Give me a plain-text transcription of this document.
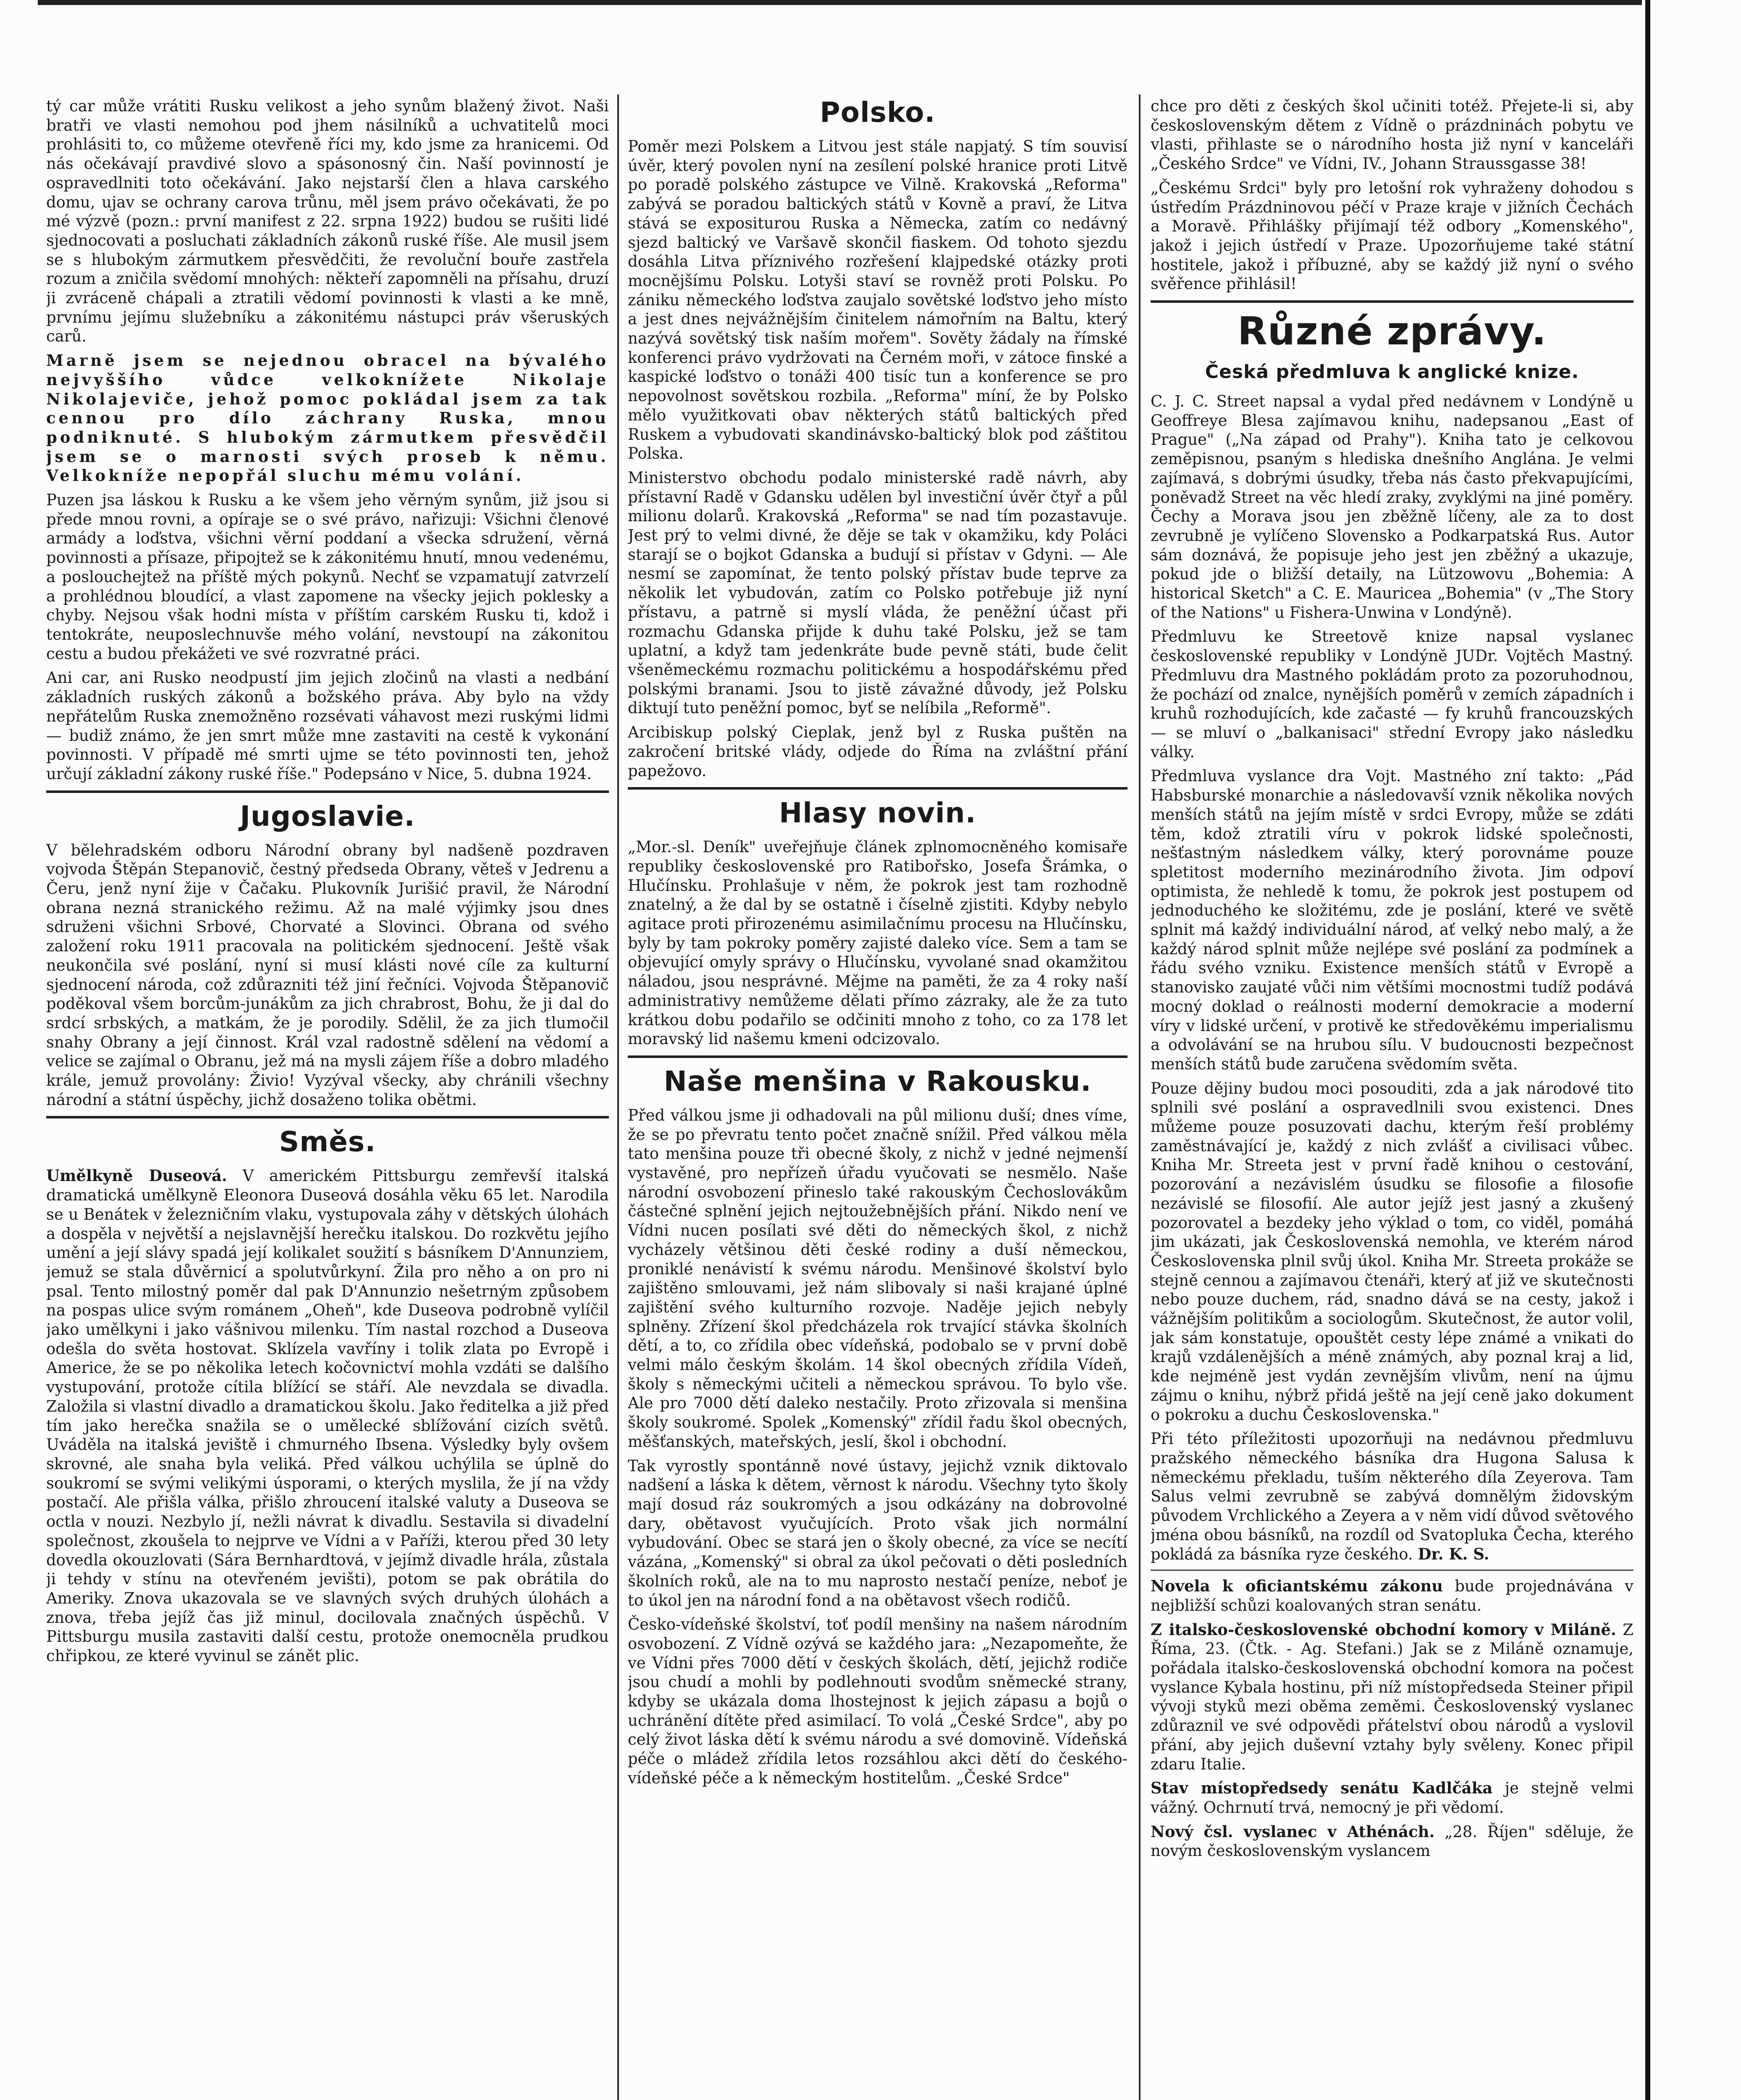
tý car může vrátiti Rusku velikost a jeho synům blažený život. Naši bratři ve vlasti nemohou pod jhem násilníků a uchvatitelů moci prohlásiti to, co můžeme otevřeně říci my, kdo jsme za hranicemi. Od nás očekávají pravdivé slovo a spásonosný čin. Naší povinností je ospravedlniti toto očekávání. Jako nejstarší člen a hlava carského domu, ujav se ochrany carova trůnu, měl jsem právo očekávati, že po mé výzvě (pozn.: první manifest z 22. srpna 1922) budou se rušiti lidé sjednocovati a posluchati základních zákonů ruské říše. Ale musil jsem se s hlubokým zármutkem přesvědčiti, že revoluční bouře zastřela rozum a zničila svědomí mnohých: někteří zapomněli na přísahu, druzí ji zvráceně chápali a ztratili vědomí povinnosti k vlasti a ke mně, prvnímu jejímu služebníku a zákonitému nástupci práv všeruských carů.

Marně jsem se nejednou obracel na bývalého nejvyššího vůdce velkoknížete Nikolaje Nikolajeviče, jehož pomoc pokládal jsem za tak cennou pro dílo záchrany Ruska, mnou podniknuté. S hlubokým zármutkem přesvědčil jsem se o marnosti svých proseb k němu. Velkokníže nepopřál sluchu mému volání.

Puzen jsa láskou k Rusku a ke všem jeho věrným synům, již jsou si přede mnou rovni, a opíraje se o své právo, nařizuji: Všichni členové armády a loďstva, všichni věrní poddaní a všecka sdružení, věrná povinnosti a přísaze, připojtež se k zákonitému hnutí, mnou vedenému, a poslouchejtež na příště mých pokynů. Nechť se vzpamatují zatvrzelí a prohlédnou bloudící, a vlast zapomene na všecky jejich poklesky a chyby. Nejsou však hodni místa v příštím carském Rusku ti, kdož i tentokráte, neuposlechnuvše mého volání, nevstoupí na zákonitou cestu a budou překážeti ve své rozvratné práci.

Ani car, ani Rusko neodpustí jim jejich zločinů na vlasti a nedbání základních ruských zákonů a božského práva. Aby bylo na vždy nepřátelům Ruska znemožněno rozsévati váhavost mezi ruskými lidmi — budiž známo, že jen smrt může mne zastaviti na cestě k vykonání povinnosti. V případě mé smrti ujme se této povinnosti ten, jehož určují základní zákony ruské říše." Podepsáno v Nice, 5. dubna 1924.

Jugoslavie.

V bělehradském odboru Národní obrany byl nadšeně pozdraven vojvoda Štěpán Stepanovič, čestný předseda Obrany, věteš v Jedrenu a Čeru, jenž nyní žije v Čačaku. Plukovník Jurišić pravil, že Národní obrana nezná stranického režimu. Až na malé výjimky jsou dnes sdruženi všichni Srbové, Chorvaté a Slovinci. Obrana od svého založení roku 1911 pracovala na politickém sjednocení. Ještě však neukončila své poslání, nyní si musí klásti nové cíle za kulturní sjednocení národa, což zdůrazniti též jiní řečníci. Vojvoda Štěpanovič poděkoval všem borcům-junákům za jich chrabrost, Bohu, že ji dal do srdcí srbských, a matkám, že je porodily. Sdělil, že za jich tlumočil snahy Obrany a její činnost. Král vzal radostně sdělení na vědomí a velice se zajímal o Obranu, jež má na mysli zájem říše a dobro mladého krále, jemuž provolány: Živio! Vyzýval všecky, aby chránili všechny národní a státní úspěchy, jichž dosaženo tolika obětmi.

Směs.

Umělkyně Duseová. V americkém Pittsburgu zemřevší italská dramatická umělkyně Eleonora Duseová dosáhla věku 65 let. Narodila se u Benátek v železničním vlaku, vystupovala záhy v dětských úlohách a dospěla v největší a nejslavnější herečku italskou. Do rozkvětu jejího umění a její slávy spadá její kolikalet soužití s básníkem D'Annunziem, jemuž se stala důvěrnicí a spolutvůrkyní. Žila pro něho a on pro ni psal. Tento milostný poměr dal pak D'Annunzio nešetrným způsobem na pospas ulice svým románem „Oheň", kde Duseova podrobně vylíčil jako umělkyni i jako vášnivou milenku. Tím nastal rozchod a Duseova odešla do světa hostovat. Sklízela vavříny i tolik zlata po Evropě i Americe, že se po několika letech kočovnictví mohla vzdáti se dalšího vystupování, protože cítila blížící se stáří. Ale nevzdala se divadla. Založila si vlastní divadlo a dramatickou školu. Jako ředitelka a již před tím jako herečka snažila se o umělecké sblížování cizích světů. Uváděla na italská jeviště i chmurného Ibsena. Výsledky byly ovšem skrovné, ale snaha byla veliká. Před válkou uchýlila se úplně do soukromí se svými velikými úsporami, o kterých myslila, že jí na vždy postačí. Ale přišla válka, přišlo zhroucení italské valuty a Duseova se octla v nouzi. Nezbylo jí, nežli návrat k divadlu. Sestavila si divadelní společnost, zkoušela to nejprve ve Vídni a v Paříži, kterou před 30 lety dovedla okouzlovati (Sára Bernhardtová, v jejímž divadle hrála, zůstala ji tehdy v stínu na otevřeném jevišti), potom se pak obrátila do Ameriky. Znova ukazovala se ve slavných svých druhých úlohách a znova, třeba jejíž čas již minul, docilovala značných úspěchů. V Pittsburgu musila zastaviti další cestu, protože onemocněla prudkou chřipkou, ze které vyvinul se zánět plic.

Polsko.

Poměr mezi Polskem a Litvou jest stále napjatý. S tím souvisí úvěr, který povolen nyní na zesílení polské hranice proti Litvě po poradě polského zástupce ve Vilně. Krakovská „Reforma" zabývá se poradou baltických států v Kovně a praví, že Litva stává se expositurou Ruska a Německa, zatím co nedávný sjezd baltický ve Varšavě skončil fiaskem. Od tohoto sjezdu dosáhla Litva příznivého rozřešení klajpedské otázky proti mocnějšímu Polsku. Lotyši staví se rovněž proti Polsku. Po zániku německého loďstva zaujalo sovětské loďstvo jeho místo a jest dnes nejvážnějším činitelem námořním na Baltu, který nazývá sovětský tisk naším mořem". Sověty žádaly na římské konferenci právo vydržovati na Černém moři, v zátoce finské a kaspické loďstvo o tonáži 400 tisíc tun a konference se pro nepovolnost sovětskou rozbila. „Reforma" míní, že by Polsko mělo využitkovati obav některých států baltických před Ruskem a vybudovati skandinávsko-baltický blok pod záštitou Polska.

Ministerstvo obchodu podalo ministerské radě návrh, aby přístavní Radě v Gdansku udělen byl investiční úvěr čtyř a půl milionu dolarů. Krakovská „Reforma" se nad tím pozastavuje. Jest prý to velmi divné, že děje se tak v okamžiku, kdy Poláci starají se o bojkot Gdanska a budují si přístav v Gdyni. — Ale nesmí se zapomínat, že tento polský přístav bude teprve za několik let vybudován, zatím co Polsko potřebuje již nyní přístavu, a patrně si myslí vláda, že peněžní účast při rozmachu Gdanska přijde k duhu také Polsku, jež se tam uplatní, a když tam jedenkráte bude pevně státi, bude čelit všeněmeckému rozmachu politickému a hospodářskému před polskými branami. Jsou to jistě závažné důvody, jež Polsku diktují tuto peněžní pomoc, byť se nelíbila „Reformě".

Arcibiskup polský Cieplak, jenž byl z Ruska puštěn na zakročení britské vlády, odjede do Říma na zvláštní přání papežovo.

Hlasy novin.

„Mor.-sl. Deník" uveřejňuje článek zplnomocněného komisaře republiky československé pro Ratibořsko, Josefa Šrámka, o Hlučínsku. Prohlašuje v něm, že pokrok jest tam rozhodně znatelný, a že dal by se ostatně i číselně zjistiti. Kdyby nebylo agitace proti přirozenému asimilačnímu procesu na Hlučínsku, byly by tam pokroky poměry zajisté daleko více. Sem a tam se objevující omyly správy o Hlučínsku, vyvolané snad okamžitou náladou, jsou nesprávné. Mějme na paměti, že za 4 roky naší administrativy nemůžeme dělati přímo zázraky, ale že za tuto krátkou dobu podařilo se odčiniti mnoho z toho, co za 178 let moravský lid našemu kmeni odcizovalo.

Naše menšina v Rakousku.

Před válkou jsme ji odhadovali na půl milionu duší; dnes víme, že se po převratu tento počet značně snížil. Před válkou měla tato menšina pouze tři obecné školy, z nichž v jedné nejmenší vystavěné, pro nepřízeň úřadu vyučovati se nesmělo. Naše národní osvobození přineslo také rakouským Čechoslovákům částečné splnění jejich nejtoužebnějších přání. Nikdo není ve Vídni nucen posílati své děti do německých škol, z nichž vycházely většinou děti české rodiny a duší německou, proniklé nenávistí k svému národu. Menšinové školství bylo zajištěno smlouvami, jež nám slibovaly si naši krajané úplné zajištění svého kulturního rozvoje. Naděje jejich nebyly splněny. Zřízení škol předcházela rok trvající stávka školních dětí, a to, co zřídila obec vídeňská, podobalo se v první době velmi málo českým školám. 14 škol obecných zřídila Vídeň, školy s německými učiteli a německou správou. To bylo vše. Ale pro 7000 dětí daleko nestačily. Proto zřizovala si menšina školy soukromé. Spolek „Komenský" zřídil řadu škol obecných, měšťanských, mateřských, jeslí, škol i obchodní.

Tak vyrostly spontánně nové ústavy, jejichž vznik diktovalo nadšení a láska k dětem, věrnost k národu. Všechny tyto školy mají dosud ráz soukromých a jsou odkázány na dobrovolné dary, obětavost vyučujících. Proto však jich normální vybudování. Obec se stará jen o školy obecné, za více se necítí vázána, „Komenský" si obral za úkol pečovati o děti posledních školních roků, ale na to mu naprosto nestačí peníze, neboť je to úkol jen na národní fond a na obětavost všech rodičů.

Česko-vídeňské školství, toť podíl menšiny na našem národním osvobození. Z Vídně ozývá se každého jara: „Nezapomeňte, že ve Vídni přes 7000 dětí v českých školách, dětí, jejichž rodiče jsou chudí a mohli by podlehnouti svodům sněmecké strany, kdyby se ukázala doma lhostejnost k jejich zápasu a bojů o uchránění dítěte před asimilací. To volá „České Srdce", aby po celý život láska dětí k svému národu a své domovině. Vídeňská péče o mládež zřídila letos rozsáhlou akci dětí do českého-vídeňské péče a k německým hostitelům. „České Srdce"

chce pro děti z českých škol učiniti totéž. Přejete-li si, aby československým dětem z Vídně o prázdninách pobytu ve vlasti, přihlaste se o národního hosta již nyní v kanceláři „Českého Srdce" ve Vídni, IV., Johann Straussgasse 38!

„Českému Srdci" byly pro letošní rok vyhraženy dohodou s ústředím Prázdninovou péčí v Praze kraje v jižních Čechách a Moravě. Přihlášky přijímají též odbory „Komenského", jakož i jejich ústředí v Praze. Upozorňujeme také státní hostitele, jakož i příbuzné, aby se každý již nyní o svého svěřence přihlásil!

Různé zprávy.
Česká předmluva k anglické knize.

C. J. C. Street napsal a vydal před nedávnem v Londýně u Geoffreye Blesa zajímavou knihu, nadepsanou „East of Prague" („Na západ od Prahy"). Kniha tato je celkovou zeměpisnou, psaným s hlediska dnešního Anglána. Je velmi zajímavá, s dobrými úsudky, třeba nás často překvapujícími, poněvadž Street na věc hledí zraky, zvyklými na jiné poměry. Čechy a Morava jsou jen zběžně líčeny, ale za to dost zevrubně je vylíčeno Slovensko a Podkarpatská Rus. Autor sám doznává, že popisuje jeho jest jen zběžný a ukazuje, pokud jde o bližší detaily, na Lützowovu „Bohemia: A historical Sketch" a C. E. Mauricea „Bohemia" (v „The Story of the Nations" u Fishera-Unwina v Londýně).

Předmluvu ke Streetově knize napsal vyslanec československé republiky v Londýně JUDr. Vojtěch Mastný. Předmluvu dra Mastného pokládám proto za pozoruhodnou, že pochází od znalce, nynějších poměrů v zemích západních i kruhů rozhodujících, kde začasté — fy kruhů francouzských — se mluví o „balkanisaci" střední Evropy jako následku války.

Předmluva vyslance dra Vojt. Mastného zní takto: „Pád Habsburské monarchie a následovavší vznik několika nových menších států na jejím místě v srdci Evropy, může se zdáti těm, kdož ztratili víru v pokrok lidské společnosti, nešťastným následkem války, který porovnáme pouze spletitost moderního mezinárodního života. Jim odpoví optimista, že nehledě k tomu, že pokrok jest postupem od jednoduchého ke složitému, zde je poslání, které ve světě splnit má každý individuální národ, ať velký nebo malý, a že každý národ splnit může nejlépe své poslání za podmínek a řádu svého vzniku. Existence menších států v Evropě a stanovisko zaujaté vůči nim většími mocnostmi tudíž podává mocný doklad o reálnosti moderní demokracie a moderní víry v lidské určení, v protivě ke středověkému imperialismu a odvolávání se na hrubou sílu. V budoucnosti bezpečnost menších států bude zaručena svědomím světa.

Pouze dějiny budou moci posouditi, zda a jak národové tito splnili své poslání a ospravedlnili svou existenci. Dnes můžeme pouze posuzovati dachu, kterým řeší problémy zaměstnávající je, každý z nich zvlášť a civilisaci vůbec. Kniha Mr. Streeta jest v první řadě knihou o cestování, pozorování a nezávislém úsudku se filosofie a filosofie nezávislé se filosofií. Ale autor jejíž jest jasný a zkušený pozorovatel a bezdeky jeho výklad o tom, co viděl, pomáhá jim ukázati, jak Československá nemohla, ve kterém národ Československa plnil svůj úkol. Kniha Mr. Streeta prokáže se stejně cennou a zajímavou čtenáři, který ať již ve skutečnosti nebo pouze duchem, rád, snadno dává se na cesty, jakož i vážnějším politikům a sociologům. Skutečnost, že autor volil, jak sám konstatuje, opouštět cesty lépe známé a vnikati do krajů vzdálenějších a méně známých, aby poznal kraj a lid, kde nejméně jest vydán zevnějším vlivům, není na újmu zájmu o knihu, nýbrž přidá ještě na její ceně jako dokument o pokroku a duchu Československa."

Při této příležitosti upozorňuji na nedávnou předmluvu pražského německého básníka dra Hugona Salusa k německému překladu, tuším některého díla Zeyerova. Tam Salus velmi zevrubně se zabývá domnělým židovským původem Vrchlického a Zeyera a v něm vidí důvod světového jména obou básníků, na rozdíl od Svatopluka Čecha, kterého pokládá za básníka ryze českého. Dr. K. S.

Novela k oficiantskému zákonu bude projednávána v nejbližší schůzi koalovaných stran senátu.

Z italsko-československé obchodní komory v Miláně. Z Říma, 23. (Čtk. - Ag. Stefani.) Jak se z Miláně oznamuje, pořádala italsko-československá obchodní komora na počest vyslance Kybala hostinu, při níž místopředseda Steiner připil vývoji styků mezi oběma zeměmi. Československý vyslanec zdůraznil ve své odpovědi přátelství obou národů a vyslovil přání, aby jejich duševní vztahy byly svěleny. Konec připil zdaru Italie.

Stav místopředsedy senátu Kadlčáka je stejně velmi vážný. Ochrnutí trvá, nemocný je při vědomí.

Nový čsl. vyslanec v Athénách. „28. Říjen" sděluje, že novým československým vyslancem
